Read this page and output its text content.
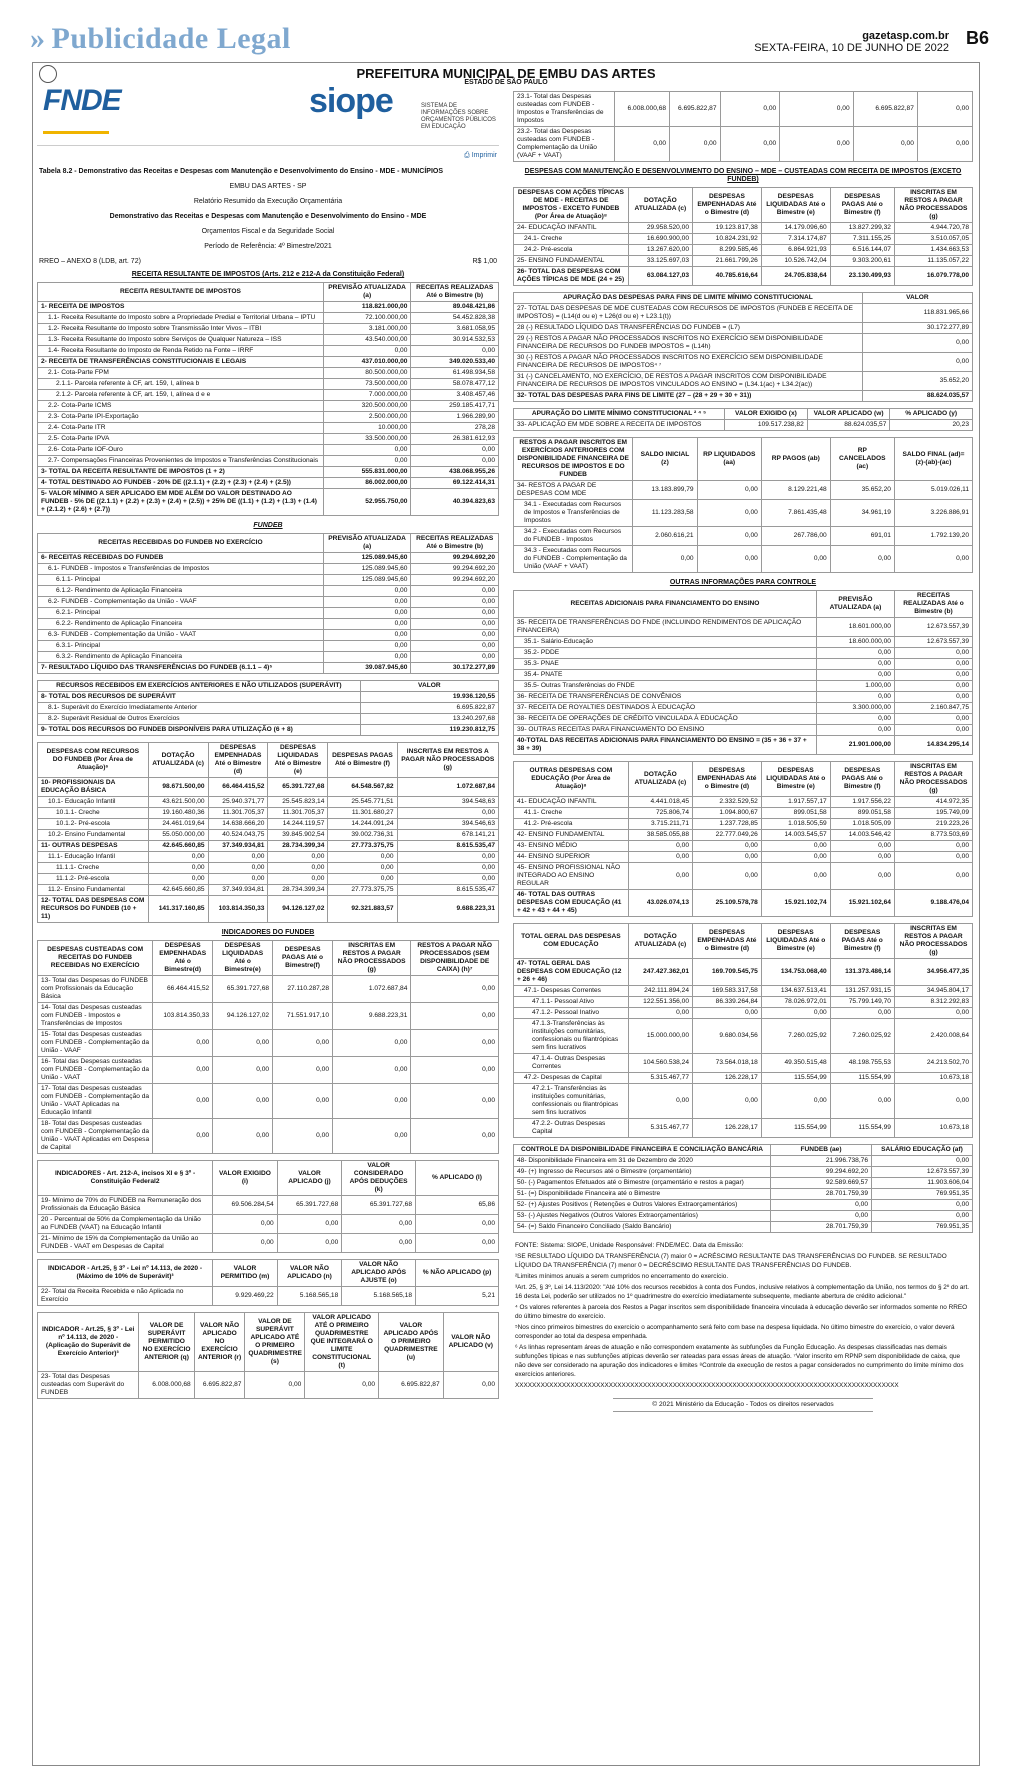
» Publicidade Legal	gazetasp.com.br
SEXTA-FEIRA, 10 DE JUNHO DE 2022 B6
PREFEITURA MUNICIPAL DE EMBU DAS ARTES
ESTADO DE SÃO PAULO
FNDE	siope	SISTEMA DE INFORMAÇÕES SOBRE ORÇAMENTOS PÚBLICOS EM EDUCAÇÃO
⎙ Imprimir
Tabela 8.2 - Demonstrativo das Receitas e Despesas com Manutenção e Desenvolvimento do Ensino - MDE - MUNICÍPIOS
EMBU DAS ARTES - SP
Relatório Resumido da Execução Orçamentária
Demonstrativo das Receitas e Despesas com Manutenção e Desenvolvimento do Ensino - MDE
Orçamentos Fiscal e da Seguridade Social
Período de Referência: 4º Bimestre/2021
RREO – ANEXO 8 (LDB, art. 72)	R$ 1,00
RECEITA RESULTANTE DE IMPOSTOS (Arts. 212 e 212-A da Constituição Federal)
RECEITA RESULTANTE DE IMPOSTOS	PREVISÃO ATUALIZADA (a)	RECEITAS REALIZADAS Até o Bimestre (b)
1- RECEITA DE IMPOSTOS	118.821.000,00	89.048.421,86
1.1- Receita Resultante do Imposto sobre a Propriedade Predial e Territorial Urbana – IPTU	72.100.000,00	54.452.828,38
1.2- Receita Resultante do Imposto sobre Transmissão Inter Vivos – ITBI	3.181.000,00	3.681.058,95
1.3- Receita Resultante do Imposto sobre Serviços de Qualquer Natureza – ISS	43.540.000,00	30.914.532,53
1.4- Receita Resultante do Imposto de Renda Retido na Fonte – IRRF	0,00	0,00
2- RECEITA DE TRANSFERÊNCIAS CONSTITUCIONAIS E LEGAIS	437.010.000,00	349.020.533,40
2.1- Cota-Parte FPM	80.500.000,00	61.498.934,58
2.1.1- Parcela referente à CF, art. 159, I, alínea b	73.500.000,00	58.078.477,12
2.1.2- Parcela referente à CF, art. 159, I, alínea d e e	7.000.000,00	3.408.457,46
2.2- Cota-Parte ICMS	320.500.000,00	259.185.417,71
2.3- Cota-Parte IPI-Exportação	2.500.000,00	1.966.289,90
2.4- Cota-Parte ITR	10.000,00	278,28
2.5- Cota-Parte IPVA	33.500.000,00	26.381.612,93
2.6- Cota-Parte IOF-Ouro	0,00	0,00
2.7- Compensações Financeiras Provenientes de Impostos e Transferências Constitucionais	0,00	0,00
3- TOTAL DA RECEITA RESULTANTE DE IMPOSTOS (1 + 2)	555.831.000,00	438.068.955,26
4- TOTAL DESTINADO AO FUNDEB - 20% DE ((2.1.1) + (2.2) + (2.3) + (2.4) + (2.5))	86.002.000,00	69.122.414,31
5- VALOR MÍNIMO A SER APLICADO EM MDE ALÉM DO VALOR DESTINADO AO FUNDEB - 5% DE ((2.1.1) + (2.2) + (2.3) + (2.4) + (2.5)) + 25% DE ((1.1) + (1.2) + (1.3) + (1.4) + (2.1.2) + (2.6) + (2.7))	52.955.750,00	40.394.823,63
FUNDEB
RECEITAS RECEBIDAS DO FUNDEB NO EXERCÍCIO	PREVISÃO ATUALIZADA (a)	RECEITAS REALIZADAS Até o Bimestre (b)
6- RECEITAS RECEBIDAS DO FUNDEB	125.089.945,60	99.294.692,20
6.1- FUNDEB - Impostos e Transferências de Impostos	125.089.945,60	99.294.692,20
6.1.1- Principal	125.089.945,60	99.294.692,20
6.1.2- Rendimento de Aplicação Financeira	0,00	0,00
6.2- FUNDEB - Complementação da União - VAAF	0,00	0,00
6.2.1- Principal	0,00	0,00
6.2.2- Rendimento de Aplicação Financeira	0,00	0,00
6.3- FUNDEB - Complementação da União - VAAT	0,00	0,00
6.3.1- Principal	0,00	0,00
6.3.2- Rendimento de Aplicação Financeira	0,00	0,00
7- RESULTADO LÍQUIDO DAS TRANSFERÊNCIAS DO FUNDEB (6.1.1 – 4)⁵	39.087.945,60	30.172.277,89
RECURSOS RECEBIDOS EM EXERCÍCIOS ANTERIORES E NÃO UTILIZADOS (SUPERÁVIT)	VALOR
8- TOTAL DOS RECURSOS DE SUPERÁVIT	19.936.120,55
8.1- Superávit do Exercício Imediatamente Anterior	6.695.822,87
8.2- Superávit Residual de Outros Exercícios	13.240.297,68
9- TOTAL DOS RECURSOS DO FUNDEB DISPONÍVEIS PARA UTILIZAÇÃO (6 + 8)	119.230.812,75
DESPESAS COM RECURSOS DO FUNDEB (Por Área de Atuação)⁶	DOTAÇÃO ATUALIZADA (c)	DESPESAS EMPENHADAS Até o Bimestre (d)	DESPESAS LIQUIDADAS Até o Bimestre (e)	DESPESAS PAGAS Até o Bimestre (f)	INSCRITAS EM RESTOS A PAGAR NÃO PROCESSADOS (g)
10- PROFISSIONAIS DA EDUCAÇÃO BÁSICA	98.671.500,00	66.464.415,52	65.391.727,68	64.548.567,82	1.072.687,84
10.1- Educação Infantil	43.621.500,00	25.940.371,77	25.545.823,14	25.545.771,51	394.548,63
10.1.1- Creche	19.160.480,36	11.301.705,37	11.301.705,37	11.301.680,27	0,00
10.1.2- Pré-escola	24.461.019,64	14.638.666,20	14.244.119,57	14.244.091,24	394.546,63
10.2- Ensino Fundamental	55.050.000,00	40.524.043,75	39.845.902,54	39.002.736,31	678.141,21
11- OUTRAS DESPESAS	42.645.660,85	37.349.934,81	28.734.399,34	27.773.375,75	8.615.535,47
11.1- Educação Infantil	0,00	0,00	0,00	0,00	0,00
11.1.1- Creche	0,00	0,00	0,00	0,00	0,00
11.1.2- Pré-escola	0,00	0,00	0,00	0,00	0,00
11.2- Ensino Fundamental	42.645.660,85	37.349.934,81	28.734.399,34	27.773.375,75	8.615.535,47
12- TOTAL DAS DESPESAS COM RECURSOS DO FUNDEB (10 + 11)	141.317.160,85	103.814.350,33	94.126.127,02	92.321.883,57	9.688.223,31
INDICADORES DO FUNDEB
DESPESAS CUSTEADAS COM RECEITAS DO FUNDEB RECEBIDAS NO EXERCÍCIO	DESPESAS EMPENHADAS Até o Bimestre(d)	DESPESAS LIQUIDADAS Até o Bimestre(e)	DESPESAS PAGAS Até o Bimestre(f)	INSCRITAS EM RESTOS A PAGAR NÃO PROCESSADOS (g)	RESTOS A PAGAR NÃO PROCESSADOS (SEM DISPONIBILIDADE DE CAIXA) (h)⁷
13- Total das Despesas do FUNDEB com Profissionais da Educação Básica	66.464.415,52	65.391.727,68	27.110.287,28	1.072.687,84	0,00
14- Total das Despesas custeadas com FUNDEB - Impostos e Transferências de Impostos	103.814.350,33	94.126.127,02	71.551.917,10	9.688.223,31	0,00
15- Total das Despesas custeadas com FUNDEB - Complementação da União - VAAF	0,00	0,00	0,00	0,00	0,00
16- Total das Despesas custeadas com FUNDEB - Complementação da União - VAAT	0,00	0,00	0,00	0,00	0,00
17- Total das Despesas custeadas com FUNDEB - Complementação da União - VAAT Aplicadas na Educação Infantil	0,00	0,00	0,00	0,00	0,00
18- Total das Despesas custeadas com FUNDEB - Complementação da União - VAAT Aplicadas em Despesa de Capital	0,00	0,00	0,00	0,00	0,00
INDICADORES - Art. 212-A, incisos XI e § 3º - Constituição Federal2	VALOR EXIGIDO (i)	VALOR APLICADO (j)	VALOR CONSIDERADO APÓS DEDUÇÕES (k)	% APLICADO (l)
19- Mínimo de 70% do FUNDEB na Remuneração dos Profissionais da Educação Básica	69.506.284,54	65.391.727,68	65.391.727,68	65,86
20 - Percentual de 50% da Complementação da União ao FUNDEB (VAAT) na Educação Infantil	0,00	0,00	0,00	0,00
21- Mínimo de 15% da Complementação da União ao FUNDEB - VAAT em Despesas de Capital	0,00	0,00	0,00	0,00
INDICADOR - Art.25, § 3º - Lei nº 14.113, de 2020 - (Máximo de 10% de Superávit)³	VALOR PERMITIDO (m)	VALOR NÃO APLICADO (n)	VALOR NÃO APLICADO APÓS AJUSTE (o)	% NÃO APLICADO (p)
22- Total da Receita Recebida e não Aplicada no Exercício	9.929.469,22	5.168.565,18	5.168.565,18	5,21
INDICADOR - Art.25, § 3º - Lei nº 14.113, de 2020 - (Aplicação do Superávit de Exercício Anterior)³	VALOR DE SUPERÁVIT PERMITIDO NO EXERCÍCIO ANTERIOR (q)	VALOR NÃO APLICADO NO EXERCÍCIO ANTERIOR (r)	VALOR DE SUPERÁVIT APLICADO ATÉ O PRIMEIRO QUADRIMESTRE (s)	VALOR APLICADO ATÉ O PRIMEIRO QUADRIMESTRE QUE INTEGRARÁ O LIMITE CONSTITUCIONAL (t)	VALOR APLICADO APÓS O PRIMEIRO QUADRIMESTRE (u)	VALOR NÃO APLICADO (v)
23- Total das Despesas custeadas com Superávit do FUNDEB	6.008.000,68	6.695.822,87	0,00	0,00	6.695.822,87	0,00
23.1- Total das Despesas custeadas com FUNDEB - Impostos e Transferências de Impostos	6.008.000,68	6.695.822,87	0,00	0,00	6.695.822,87	0,00
23.2- Total das Despesas custeadas com FUNDEB - Complementação da União (VAAF + VAAT)	0,00	0,00	0,00	0,00	0,00	0,00
DESPESAS COM MANUTENÇÃO E DESENVOLVIMENTO DO ENSINO – MDE – CUSTEADAS COM RECEITA DE IMPOSTOS (EXCETO FUNDEB)
DESPESAS COM AÇÕES TÍPICAS DE MDE - RECEITAS DE IMPOSTOS - EXCETO FUNDEB (Por Área de Atuação)⁸	DOTAÇÃO ATUALIZADA (c)	DESPESAS EMPENHADAS Até o Bimestre (d)	DESPESAS LIQUIDADAS Até o Bimestre (e)	DESPESAS PAGAS Até o Bimestre (f)	INSCRITAS EM RESTOS A PAGAR NÃO PROCESSADOS (g)
24- EDUCAÇÃO INFANTIL	29.958.520,00	19.123.817,38	14.179.096,60	13.827.299,32	4.944.720,78
24.1- Creche	16.690.900,00	10.824.231,92	7.314.174,87	7.311.155,25	3.510.057,05
24.2- Pré-escola	13.267.620,00	8.299.585,46	6.864.921,93	6.516.144,07	1.434.663,53
25- ENSINO FUNDAMENTAL	33.125.697,03	21.661.799,26	10.526.742,04	9.303.200,61	11.135.057,22
26- TOTAL DAS DESPESAS COM AÇÕES TÍPICAS DE MDE (24 + 25)	63.084.127,03	40.785.616,64	24.705.838,64	23.130.499,93	16.079.778,00
APURAÇÃO DAS DESPESAS PARA FINS DE LIMITE MÍNIMO CONSTITUCIONAL	VALOR
27- TOTAL DAS DESPESAS DE MDE CUSTEADAS COM RECURSOS DE IMPOSTOS (FUNDEB E RECEITA DE IMPOSTOS) = (L14(d ou e) + L26(d ou e) + L23.1(t))	118.831.965,66
28 (-) RESULTADO LÍQUIDO DAS TRANSFERÊNCIAS DO FUNDEB = (L7)	30.172.277,89
29 (-) RESTOS A PAGAR NÃO PROCESSADOS INSCRITOS NO EXERCÍCIO SEM DISPONIBILIDADE FINANCEIRA DE RECURSOS DO FUNDEB IMPOSTOS = (L14h)	0,00
30 (-) RESTOS A PAGAR NÃO PROCESSADOS INSCRITOS NO EXERCÍCIO SEM DISPONIBILIDADE FINANCEIRA DE RECURSOS DE IMPOSTOS⁴ ⁷	0,00
31 (-) CANCELAMENTO, NO EXERCÍCIO, DE RESTOS A PAGAR INSCRITOS COM DISPONIBILIDADE FINANCEIRA DE RECURSOS DE IMPOSTOS VINCULADOS AO ENSINO = (L34.1(ac) + L34.2(ac))	35.652,20
32- TOTAL DAS DESPESAS PARA FINS DE LIMITE (27 – (28 + 29 + 30 + 31))	88.624.035,57
APURAÇÃO DO LIMITE MÍNIMO CONSTITUCIONAL ² ⁴ ⁵	VALOR EXIGIDO (x)	VALOR APLICADO (w)	% APLICADO (y)
33- APLICAÇÃO EM MDE SOBRE A RECEITA DE IMPOSTOS	109.517.238,82	88.624.035,57	20,23
RESTOS A PAGAR INSCRITOS EM EXERCÍCIOS ANTERIORES COM DISPONIBILIDADE FINANCEIRA DE RECURSOS DE IMPOSTOS E DO FUNDEB	SALDO INICIAL (z)	RP LIQUIDADOS (aa)	RP PAGOS (ab)	RP CANCELADOS (ac)	SALDO FINAL (ad)=(z)-(ab)-(ac)
34- RESTOS A PAGAR DE DESPESAS COM MDE	13.183.899,79	0,00	8.129.221,48	35.652,20	5.019.026,11
34.1 - Executadas com Recursos de Impostos e Transferências de Impostos	11.123.283,58	0,00	7.861.435,48	34.961,19	3.226.886,91
34.2 - Executadas com Recursos do FUNDEB - Impostos	2.060.616,21	0,00	267.786,00	691,01	1.792.139,20
34.3 - Executadas com Recursos do FUNDEB - Complementação da União (VAAF + VAAT)	0,00	0,00	0,00	0,00	0,00
OUTRAS INFORMAÇÕES PARA CONTROLE
RECEITAS ADICIONAIS PARA FINANCIAMENTO DO ENSINO	PREVISÃO ATUALIZADA (a)	RECEITAS REALIZADAS Até o Bimestre (b)
35- RECEITA DE TRANSFERÊNCIAS DO FNDE (INCLUINDO RENDIMENTOS DE APLICAÇÃO FINANCEIRA)	18.601.000,00	12.673.557,39
35.1- Salário-Educação	18.600.000,00	12.673.557,39
35.2- PDDE	0,00	0,00
35.3- PNAE	0,00	0,00
35.4- PNATE	0,00	0,00
35.5- Outras Transferências do FNDE	1.000,00	0,00
36- RECEITA DE TRANSFERÊNCIAS DE CONVÊNIOS	0,00	0,00
37- RECEITA DE ROYALTIES DESTINADOS À EDUCAÇÃO	3.300.000,00	2.160.847,75
38- RECEITA DE OPERAÇÕES DE CRÉDITO VINCULADA À EDUCAÇÃO	0,00	0,00
39- OUTRAS RECEITAS PARA FINANCIAMENTO DO ENSINO	0,00	0,00
40-TOTAL DAS RECEITAS ADICIONAIS PARA FINANCIAMENTO DO ENSINO = (35 + 36 + 37 + 38 + 39)	21.901.000,00	14.834.295,14
OUTRAS DESPESAS COM EDUCAÇÃO (Por Área de Atuação)⁸	DOTAÇÃO ATUALIZADA (c)	DESPESAS EMPENHADAS Até o Bimestre (d)	DESPESAS LIQUIDADAS Até o Bimestre (e)	DESPESAS PAGAS Até o Bimestre (f)	INSCRITAS EM RESTOS A PAGAR NÃO PROCESSADOS (g)
41- EDUCAÇÃO INFANTIL	4.441.018,45	2.332.529,52	1.917.557,17	1.917.556,22	414.972,35
41.1- Creche	725.806,74	1.094.800,67	899.051,58	899.051,58	195.749,09
41.2- Pré-escola	3.715.211,71	1.237.728,85	1.018.505,59	1.018.505,09	219.223,26
42- ENSINO FUNDAMENTAL	38.585.055,88	22.777.049,26	14.003.545,57	14.003.546,42	8.773.503,69
43- ENSINO MÉDIO	0,00	0,00	0,00	0,00	0,00
44- ENSINO SUPERIOR	0,00	0,00	0,00	0,00	0,00
45- ENSINO PROFISSIONAL NÃO INTEGRADO AO ENSINO REGULAR	0,00	0,00	0,00	0,00	0,00
46- TOTAL DAS OUTRAS DESPESAS COM EDUCAÇÃO (41 + 42 + 43 + 44 + 45)	43.026.074,13	25.109.578,78	15.921.102,74	15.921.102,64	9.188.476,04
TOTAL GERAL DAS DESPESAS COM EDUCAÇÃO	DOTAÇÃO ATUALIZADA (c)	DESPESAS EMPENHADAS Até o Bimestre (d)	DESPESAS LIQUIDADAS Até o Bimestre (e)	DESPESAS PAGAS Até o Bimestre (f)	INSCRITAS EM RESTOS A PAGAR NÃO PROCESSADOS (g)
47- TOTAL GERAL DAS DESPESAS COM EDUCAÇÃO (12 + 26 + 46)	247.427.362,01	169.709.545,75	134.753.068,40	131.373.486,14	34.956.477,35
47.1- Despesas Correntes	242.111.894,24	169.583.317,58	134.637.513,41	131.257.931,15	34.945.804,17
47.1.1- Pessoal Ativo	122.551.356,00	86.339.264,84	78.026.972,01	75.799.149,70	8.312.292,83
47.1.2- Pessoal Inativo	0,00	0,00	0,00	0,00	0,00
47.1.3-Transferências às instituições comunitárias, confessionais ou filantrópicas sem fins lucrativos	15.000.000,00	9.680.034,56	7.260.025,92	7.260.025,92	2.420.008,64
47.1.4- Outras Despesas Correntes	104.560.538,24	73.564.018,18	49.350.515,48	48.198.755,53	24.213.502,70
47.2- Despesas de Capital	5.315.467,77	126.228,17	115.554,99	115.554,99	10.673,18
47.2.1- Transferências às instituições comunitárias, confessionais ou filantrópicas sem fins lucrativos	0,00	0,00	0,00	0,00	0,00
47.2.2- Outras Despesas Capital	5.315.467,77	126.228,17	115.554,99	115.554,99	10.673,18
CONTROLE DA DISPONIBILIDADE FINANCEIRA E CONCILIAÇÃO BANCÁRIA	FUNDEB (ae)	SALÁRIO EDUCAÇÃO (af)
48- Disponibilidade Financeira em 31 de Dezembro de 2020	21.996.738,76	0,00
49- (+) Ingresso de Recursos até o Bimestre (orçamentário)	99.294.692,20	12.673.557,39
50- (-) Pagamentos Efetuados até o Bimestre (orçamentário e restos a pagar)	92.589.669,57	11.903.606,04
51- (=) Disponibilidade Financeira até o Bimestre	28.701.759,39	769.951,35
52- (+) Ajustes Positivos ( Retenções e Outros Valores Extraorçamentários)	0,00	0,00
53- (-) Ajustes Negativos (Outros Valores Extraorçamentários)	0,00	0,00
54- (=) Saldo Financeiro Conciliado (Saldo Bancário)	28.701.759,39	769.951,35

FONTE: Sistema: SIOPE, Unidade Responsável: FNDE/MEC. Data da Emissão:

¹SE RESULTADO LÍQUIDO DA TRANSFERÊNCIA (7) maior 0 = ACRÉSCIMO RESULTANTE DAS TRANSFERÊNCIAS DO FUNDEB. SE RESULTADO LÍQUIDO DA TRANSFERÊNCIA (7) menor 0 = DECRÉSCIMO RESULTANTE DAS TRANSFERÊNCIAS DO FUNDEB.

²Limites mínimos anuais a serem cumpridos no encerramento do exercício.

³Art. 25, § 3º, Lei 14.113/2020: "Até 10% dos recursos recebidos à conta dos Fundos, inclusive relativos à complementação da União, nos termos do § 2º do art. 16 desta Lei, poderão ser utilizados no 1º quadrimestre do exercício imediatamente subsequente, mediante abertura de crédito adicional."

⁴ Os valores referentes à parcela dos Restos a Pagar inscritos sem disponibilidade financeira vinculada à educação deverão ser informados somente no RREO do último bimestre do exercício.

⁵Nos cinco primeiros bimestres do exercício o acompanhamento será feito com base na despesa liquidada. No último bimestre do exercício, o valor deverá corresponder ao total da despesa empenhada.

⁶ As linhas representam áreas de atuação e não correspondem exatamente às subfunções da Função Educação. As despesas classificadas nas demais subfunções típicas e nas subfunções atípicas deverão ser rateadas para essas áreas de atuação. ⁷Valor inscrito em RPNP sem disponibilidade de caixa, que não deve ser considerado na apuração dos indicadores e limites ⁸Controle da execução de restos a pagar considerados no cumprimento do limite mínimo dos exercícios anteriores.

XXXXXXXXXXXXXXXXXXXXXXXXXXXXXXXXXXXXXXXXXXXXXXXXXXXXXXXXXXXXXXXXXXXXXXXXXXXXXXXXXXXXXXXXXX

© 2021 Ministério da Educação - Todos os direitos reservados
